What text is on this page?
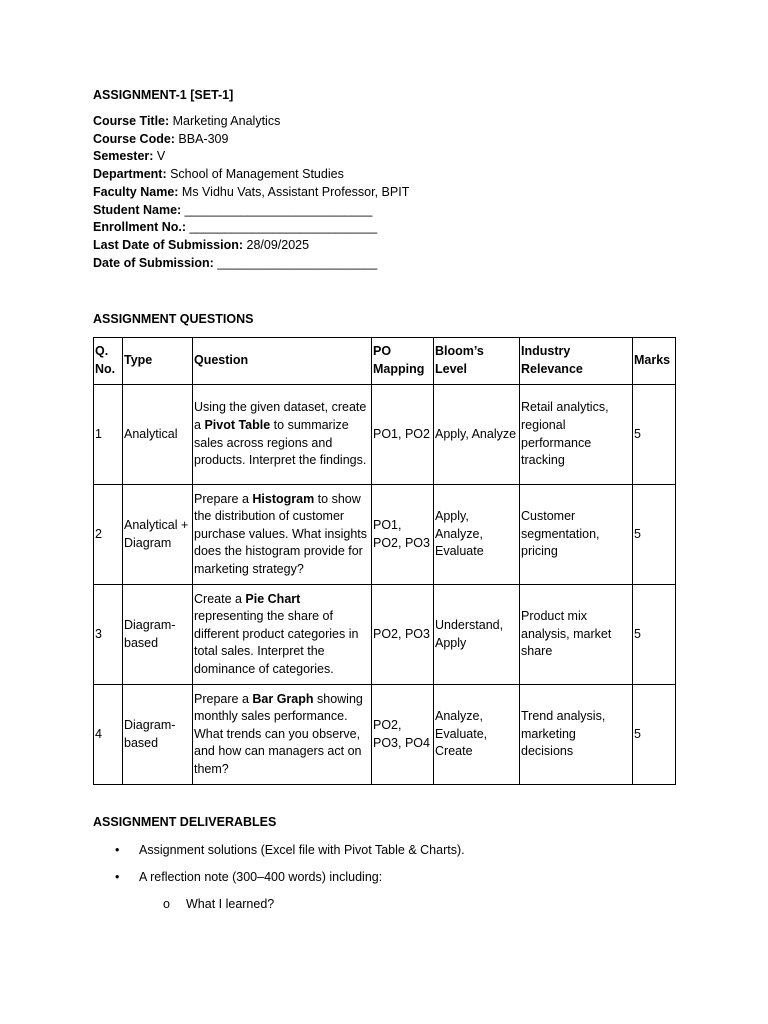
ASSIGNMENT-1 [SET-1]
Course Title: Marketing Analytics
Course Code: BBA-309
Semester: V
Department: School of Management Studies
Faculty Name: Ms Vidhu Vats, Assistant Professor, BPIT
Student Name: ___________________________
Enrollment No.: ___________________________
Last Date of Submission: 28/09/2025
Date of Submission: _______________________
ASSIGNMENT QUESTIONS
Q. No.	Type	Question	PO Mapping	Bloom’s Level	Industry Relevance	Marks
1	Analytical	Using the given dataset, create a Pivot Table to summarize sales across regions and products. Interpret the findings.	PO1, PO2	Apply, Analyze	Retail analytics, regional performance tracking	5
2	Analytical + Diagram	Prepare a Histogram to show the distribution of customer purchase values. What insights does the histogram provide for marketing strategy?	PO1, PO2, PO3	Apply, Analyze, Evaluate	Customer segmentation, pricing	5
3	Diagram-based	Create a Pie Chart representing the share of different product categories in total sales. Interpret the dominance of categories.	PO2, PO3	Understand, Apply	Product mix analysis, market share	5
4	Diagram-based	Prepare a Bar Graph showing monthly sales performance. What trends can you observe, and how can managers act on them?	PO2, PO3, PO4	Analyze, Evaluate, Create	Trend analysis, marketing decisions	5
ASSIGNMENT DELIVERABLES
• Assignment solutions (Excel file with Pivot Table & Charts).
• A reflection note (300–400 words) including:
o What I learned?
